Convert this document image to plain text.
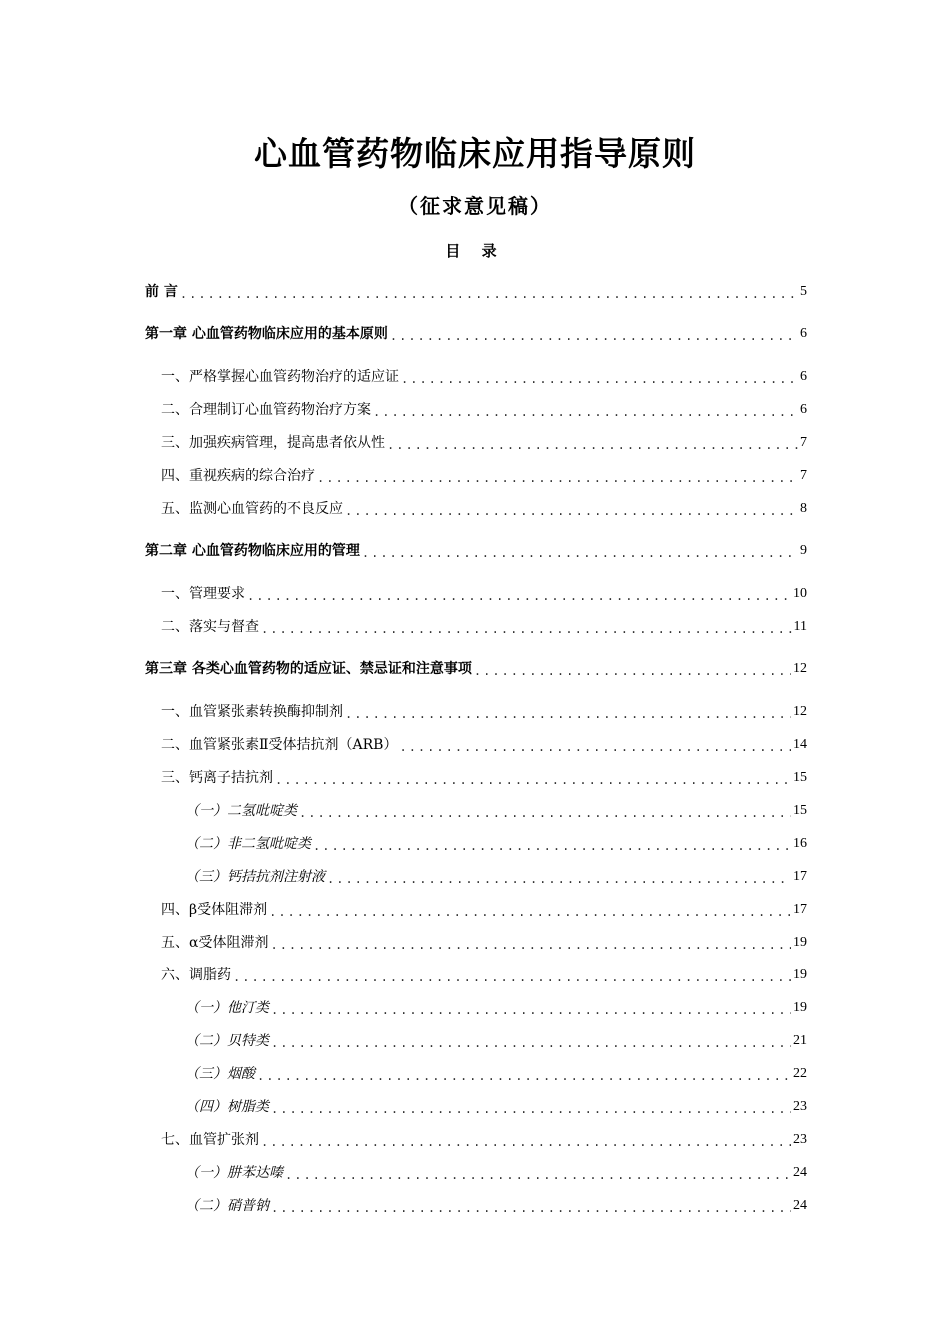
心血管药物临床应用指导原则
（征求意见稿）
目 录
前 言 .....	5
第一章 心血管药物临床应用的基本原则 .....	6
一、严格掌握心血管药物治疗的适应证 .....	6
二、合理制订心血管药物治疗方案 .....	6
三、加强疾病管理，提高患者依从性 .....	7
四、重视疾病的综合治疗 .....	7
五、监测心血管药的不良反应 .....	8
第二章 心血管药物临床应用的管理 .....	9
一、管理要求 .....	10
二、落实与督查 .....	11
第三章 各类心血管药物的适应证、禁忌证和注意事项 .....	12
一、血管紧张素转换酶抑制剂 .....	12
二、血管紧张素Ⅱ受体拮抗剂（ARB） .....	14
三、钙离子拮抗剂 .....	15
（一）二氢吡啶类 .....	15
（二）非二氢吡啶类 .....	16
（三）钙拮抗剂注射液 .....	17
四、β受体阻滞剂 .....	17
五、α受体阻滞剂 .....	19
六、调脂药 .....	19
（一）他汀类 .....	19
（二）贝特类 .....	21
（三）烟酸 .....	22
（四）树脂类 .....	23
七、血管扩张剂 .....	23
（一）肼苯达嗪 .....	24
（二）硝普钠 .....	24
